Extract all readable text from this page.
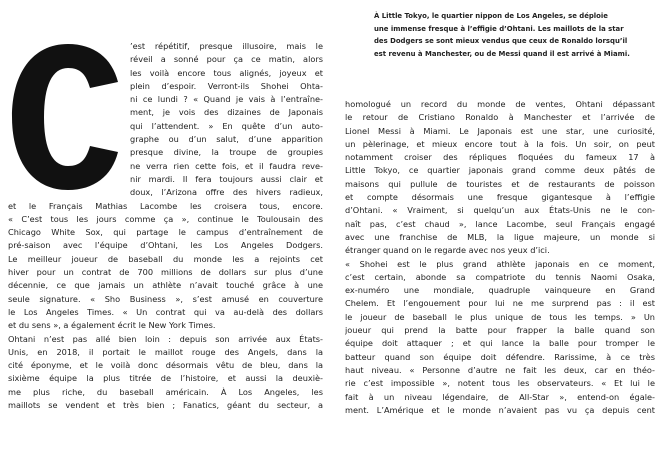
À Little Tokyo, le quartier nippon de Los Angeles, se déploie
une immense fresque à l’effigie d’Ohtani. Les maillots de la star
des Dodgers se sont mieux vendus que ceux de Ronaldo lorsqu’il
est revenu à Manchester, ou de Messi quand il est arrivé à Miami.
’est répétitif, presque illusoire, mais le
réveil a sonné pour ça ce matin, alors
les voilà encore tous alignés, joyeux et
plein d’espoir. Verront-ils Shohei Ohta-
ni ce lundi ? « Quand je vais à l’entraîne-
ment, je vois des dizaines de Japonais
qui l’attendent. » En quête d’un auto-
graphe ou d’un salut, d’une apparition
presque divine, la troupe de groupies
ne verra rien cette fois, et il faudra reve-
nir mardi. Il fera toujours aussi clair et
doux, l’Arizona offre des hivers radieux,
et le Français Mathias Lacombe les croisera tous, encore.
« C’est tous les jours comme ça », continue le Toulousain des
Chicago White Sox, qui partage le campus d’entraînement de
pré-saison avec l’équipe d’Ohtani, les Los Angeles Dodgers.
Le meilleur joueur de baseball du monde les a rejoints cet
hiver pour un contrat de 700 millions de dollars sur plus d’une
décennie, ce que jamais un athlète n’avait touché grâce à une
seule signature. « Sho Business », s’est amusé en couverture
le Los Angeles Times. « Un contrat qui va au-delà des dollars
et du sens », a également écrit le New York Times.
Ohtani n’est pas allé bien loin : depuis son arrivée aux États-
Unis, en 2018, il portait le maillot rouge des Angels, dans la
cité éponyme, et le voilà donc désormais vêtu de bleu, dans la
sixième équipe la plus titrée de l’histoire, et aussi la deuxiè-
me plus riche, du baseball américain. À Los Angeles, les
maillots se vendent et très bien ; Fanatics, géant du secteur, a
homologué un record du monde de ventes, Ohtani dépassant
le retour de Cristiano Ronaldo à Manchester et l’arrivée de
Lionel Messi à Miami. Le Japonais est une star, une curiosité,
un pèlerinage, et mieux encore tout à la fois. Un soir, on peut
notamment croiser des répliques floquées du fameux 17 à
Little Tokyo, ce quartier japonais grand comme deux pâtés de
maisons qui pullule de touristes et de restaurants de poisson
et compte désormais une fresque gigantesque à l’effigie
d’Ohtani. « Vraiment, si quelqu’un aux États-Unis ne le con-
naît pas, c’est chaud », lance Lacombe, seul Français engagé
avec une franchise de MLB, la ligue majeure, un monde si
étranger quand on le regarde avec nos yeux d’ici.
« Shohei est le plus grand athlète japonais en ce moment,
c’est certain, abonde sa compatriote du tennis Naomi Osaka,
ex-numéro une mondiale, quadruple vainqueure en Grand
Chelem. Et l’engouement pour lui ne me surprend pas : il est
le joueur de baseball le plus unique de tous les temps. » Un
joueur qui prend la batte pour frapper la balle quand son
équipe doit attaquer ; et qui lance la balle pour tromper le
batteur quand son équipe doit défendre. Rarissime, à ce très
haut niveau. « Personne d’autre ne fait les deux, car en théo-
rie c’est impossible », notent tous les observateurs. « Et lui le
fait à un niveau légendaire, de All-Star », entend-on égale-
ment. L’Amérique et le monde n’avaient pas vu ça depuis cent
